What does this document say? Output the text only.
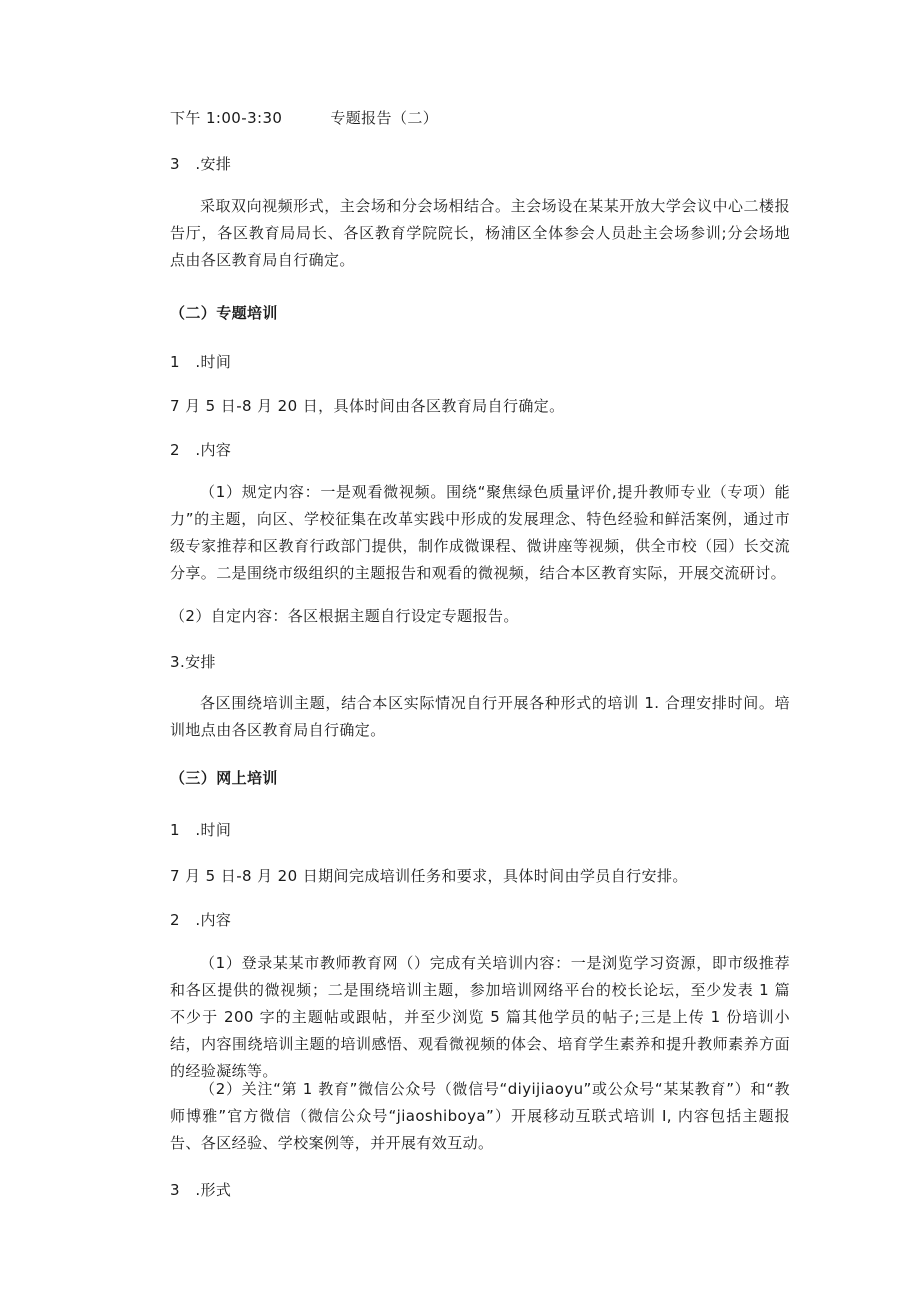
下午 1:00-3:30	专题报告（二）
3　.安排
采取双向视频形式，主会场和分会场相结合。主会场设在某某开放大学会议中心二楼报告厅，各区教育局局长、各区教育学院院长，杨浦区全体参会人员赴主会场参训;分会场地点由各区教育局自行确定。
（二）专题培训
1　.时间
7 月 5 日-8 月 20 日，具体时间由各区教育局自行确定。
2　.内容
（1）规定内容：一是观看微视频。围绕“聚焦绿色质量评价,提升教师专业（专项）能力”的主题，向区、学校征集在改革实践中形成的发展理念、特色经验和鲜活案例，通过市级专家推荐和区教育行政部门提供，制作成微课程、微讲座等视频，供全市校（园）长交流分享。二是围绕市级组织的主题报告和观看的微视频，结合本区教育实际，开展交流研讨。
（2）自定内容：各区根据主题自行设定专题报告。
3.安排
各区围绕培训主题，结合本区实际情况自行开展各种形式的培训 1. 合理安排时间。培训地点由各区教育局自行确定。
（三）网上培训
1　.时间
7 月 5 日-8 月 20 日期间完成培训任务和要求，具体时间由学员自行安排。
2　.内容
（1）登录某某市教师教育网（）完成有关培训内容：一是浏览学习资源，即市级推荐和各区提供的微视频；二是围绕培训主题，参加培训网络平台的校长论坛，至少发表 1 篇不少于 200 字的主题帖或跟帖，并至少浏览 5 篇其他学员的帖子;三是上传 1 份培训小结，内容围绕培训主题的培训感悟、观看微视频的体会、培育学生素养和提升教师素养方面的经验凝练等。
（2）关注“第 1 教育”微信公众号（微信号“diyijiaoyu”或公众号“某某教育”）和“教师博雅”官方微信（微信公众号“jiaoshiboya”）开展移动互联式培训 I, 内容包括主题报告、各区经验、学校案例等，并开展有效互动。
3　.形式
